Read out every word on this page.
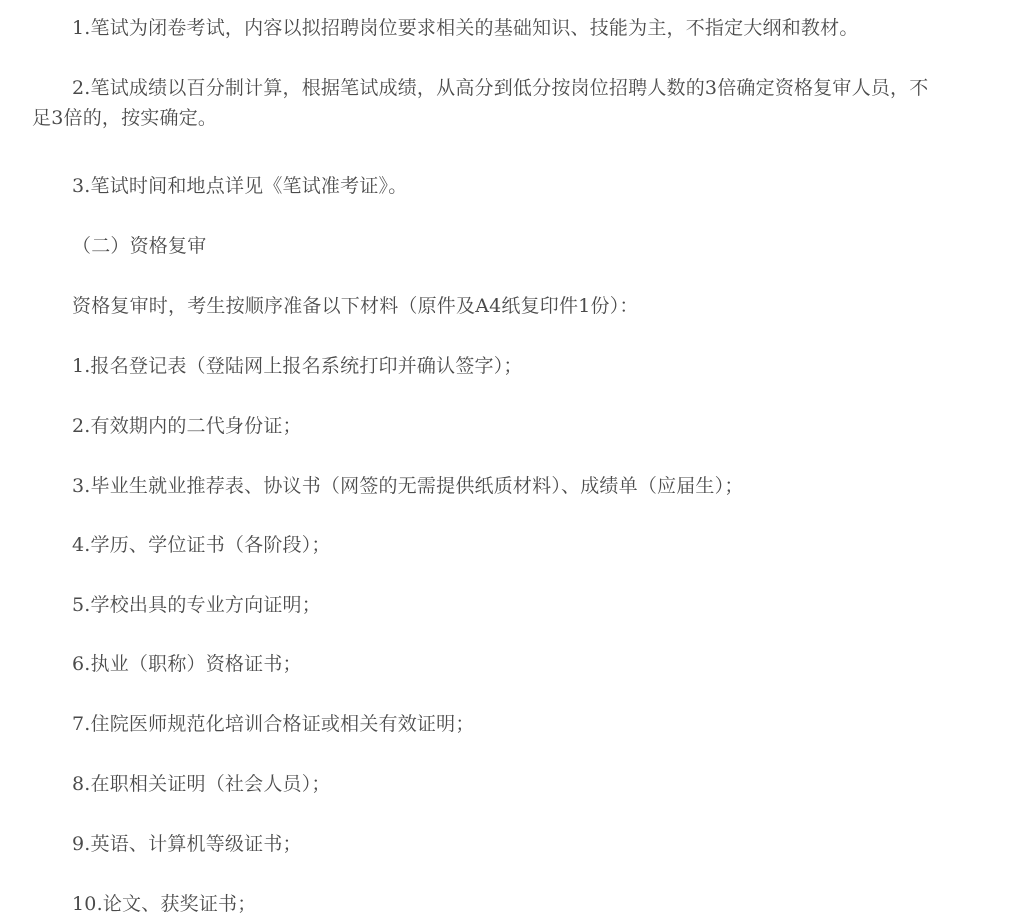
1.笔试为闭卷考试，内容以拟招聘岗位要求相关的基础知识、技能为主，不指定大纲和教材。

2.笔试成绩以百分制计算，根据笔试成绩，从高分到低分按岗位招聘人数的3倍确定资格复审人员，不足3倍的，按实确定。

3.笔试时间和地点详见《笔试准考证》。

（二）资格复审

资格复审时，考生按顺序准备以下材料（原件及A4纸复印件1份）：

1.报名登记表（登陆网上报名系统打印并确认签字）；

2.有效期内的二代身份证；

3.毕业生就业推荐表、协议书（网签的无需提供纸质材料）、成绩单（应届生）；

4.学历、学位证书（各阶段）；

5.学校出具的专业方向证明；

6.执业（职称）资格证书；

7.住院医师规范化培训合格证或相关有效证明；

8.在职相关证明（社会人员）；

9.英语、计算机等级证书；

10.论文、获奖证书；
